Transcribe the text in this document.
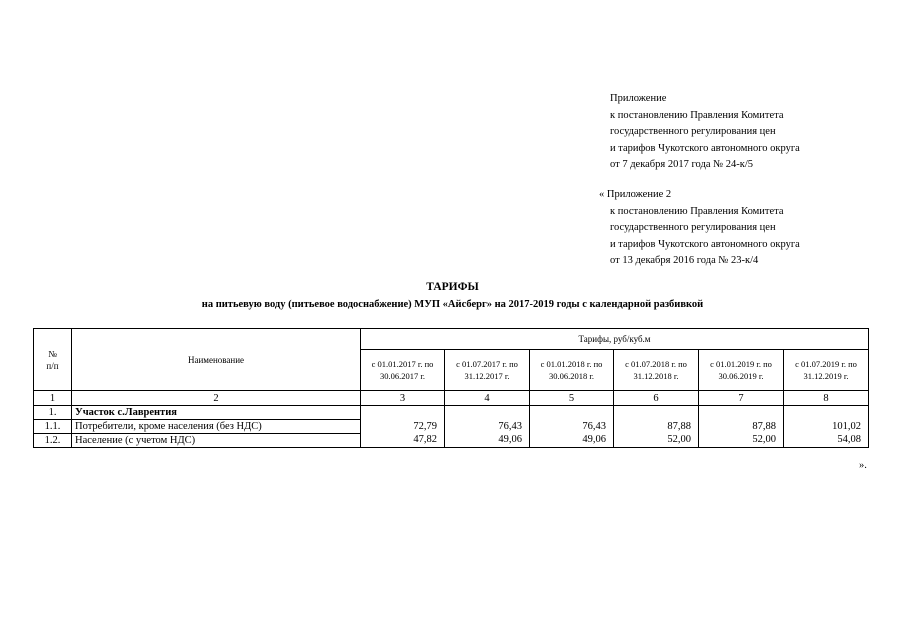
Приложение
к постановлению Правления Комитета
государственного регулирования цен
и тарифов Чукотского автономного округа
от 7 декабря 2017 года № 24-к/5
« Приложение 2
к постановлению Правления Комитета
государственного регулирования цен
и тарифов Чукотского автономного округа
от 13 декабря 2016 года № 23-к/4
ТАРИФЫ
на питьевую воду (питьевое водоснабжение) МУП «Айсберг» на 2017-2019 годы с календарной разбивкой
№
п/п	Наименование	Тарифы, руб/куб.м					
		с 01.01.2017 г. по 30.06.2017 г.	с 01.07.2017 г. по 31.12.2017 г.	с 01.01.2018 г. по 30.06.2018 г.	с 01.07.2018 г. по 31.12.2018 г.	с 01.01.2019 г. по 30.06.2019 г.	с 01.07.2019 г. по 31.12.2019 г.
1	2	3	4	5	6	7	8
1.	Участок с.Лаврентия						
1.1.	Потребители, кроме населения (без НДС)	72,79	76,43	76,43	87,88	87,88	101,02
1.2.	Население (с учетом НДС)	47,82	49,06	49,06	52,00	52,00	54,08
».
